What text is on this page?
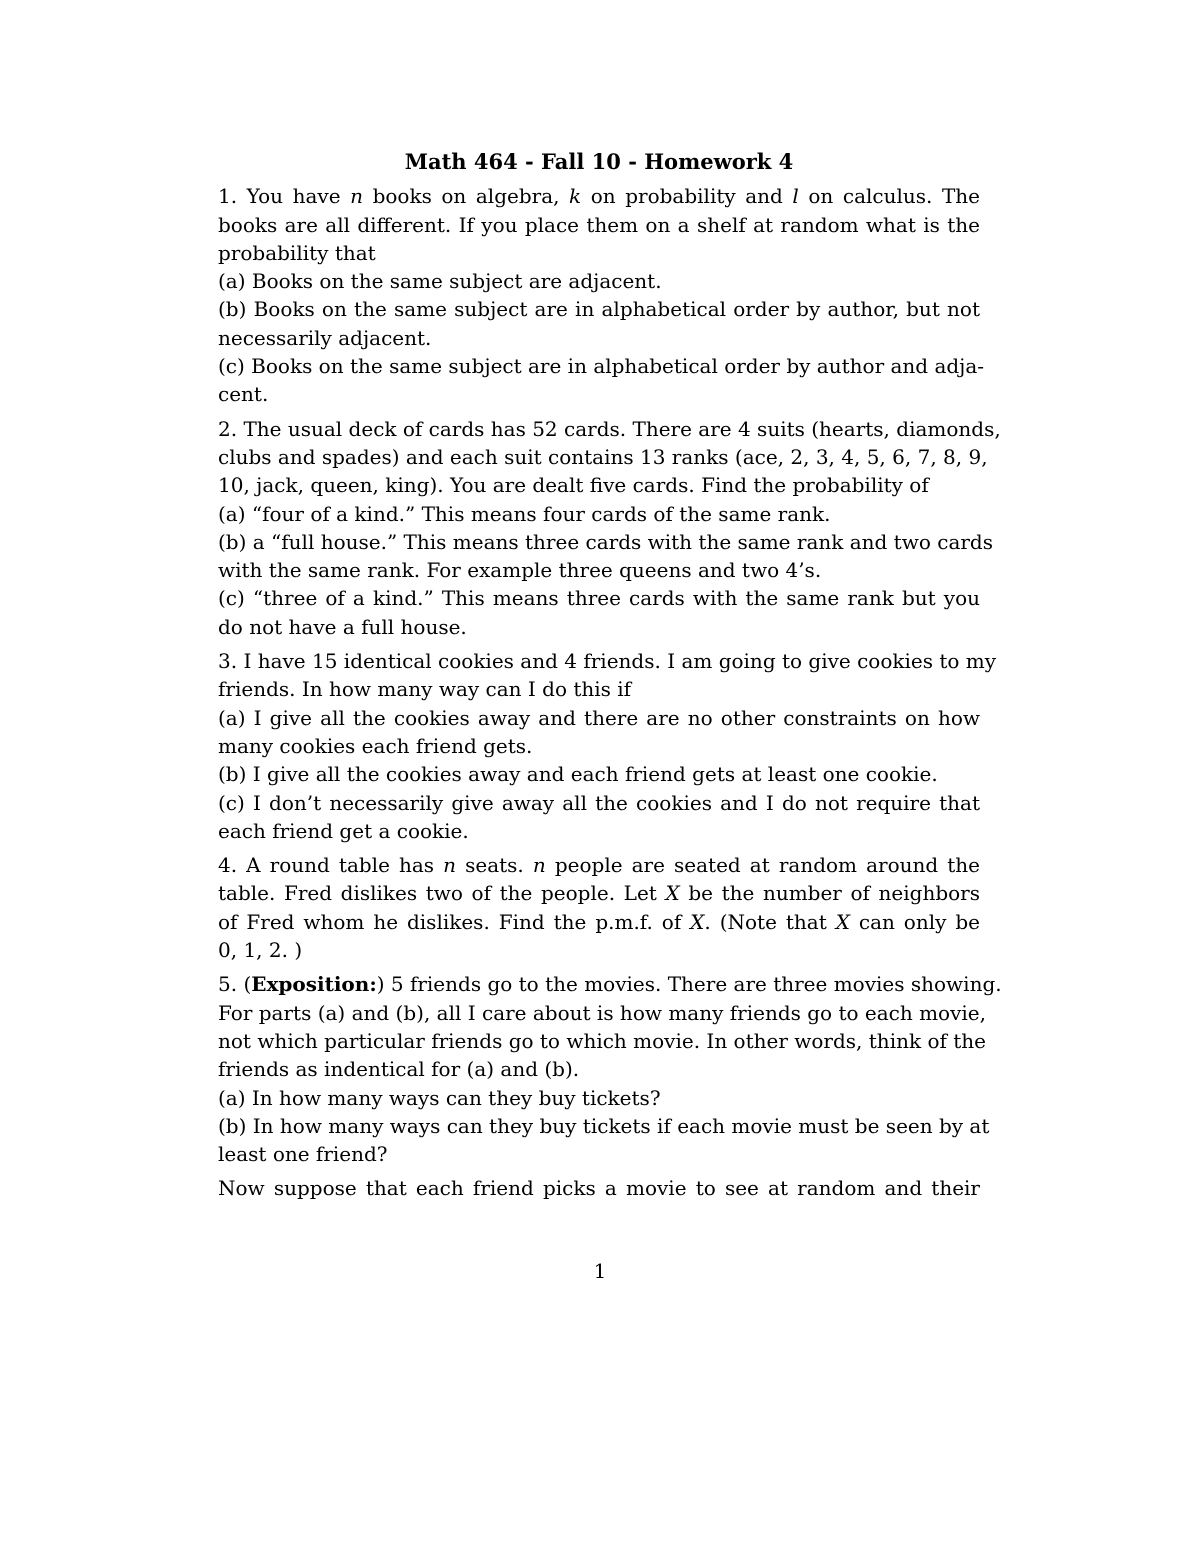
Math 464 - Fall 10 - Homework 4
1. You have n books on algebra, k on probability and l on calculus. The
books are all different. If you place them on a shelf at random what is the
probability that
(a) Books on the same subject are adjacent.
(b) Books on the same subject are in alphabetical order by author, but not
necessarily adjacent.
(c) Books on the same subject are in alphabetical order by author and adja-
cent.
2. The usual deck of cards has 52 cards. There are 4 suits (hearts, diamonds,
clubs and spades) and each suit contains 13 ranks (ace, 2, 3, 4, 5, 6, 7, 8, 9,
10, jack, queen, king). You are dealt five cards. Find the probability of
(a) “four of a kind.” This means four cards of the same rank.
(b) a “full house.” This means three cards with the same rank and two cards
with the same rank. For example three queens and two 4’s.
(c) “three of a kind.” This means three cards with the same rank but you
do not have a full house.
3. I have 15 identical cookies and 4 friends. I am going to give cookies to my
friends. In how many way can I do this if
(a) I give all the cookies away and there are no other constraints on how
many cookies each friend gets.
(b) I give all the cookies away and each friend gets at least one cookie.
(c) I don’t necessarily give away all the cookies and I do not require that
each friend get a cookie.
4. A round table has n seats. n people are seated at random around the
table. Fred dislikes two of the people. Let X be the number of neighbors
of Fred whom he dislikes. Find the p.m.f. of X. (Note that X can only be
0, 1, 2. )
5. (Exposition:) 5 friends go to the movies. There are three movies showing.
For parts (a) and (b), all I care about is how many friends go to each movie,
not which particular friends go to which movie. In other words, think of the
friends as indentical for (a) and (b).
(a) In how many ways can they buy tickets?
(b) In how many ways can they buy tickets if each movie must be seen by at
least one friend?
Now suppose that each friend picks a movie to see at random and their
1
